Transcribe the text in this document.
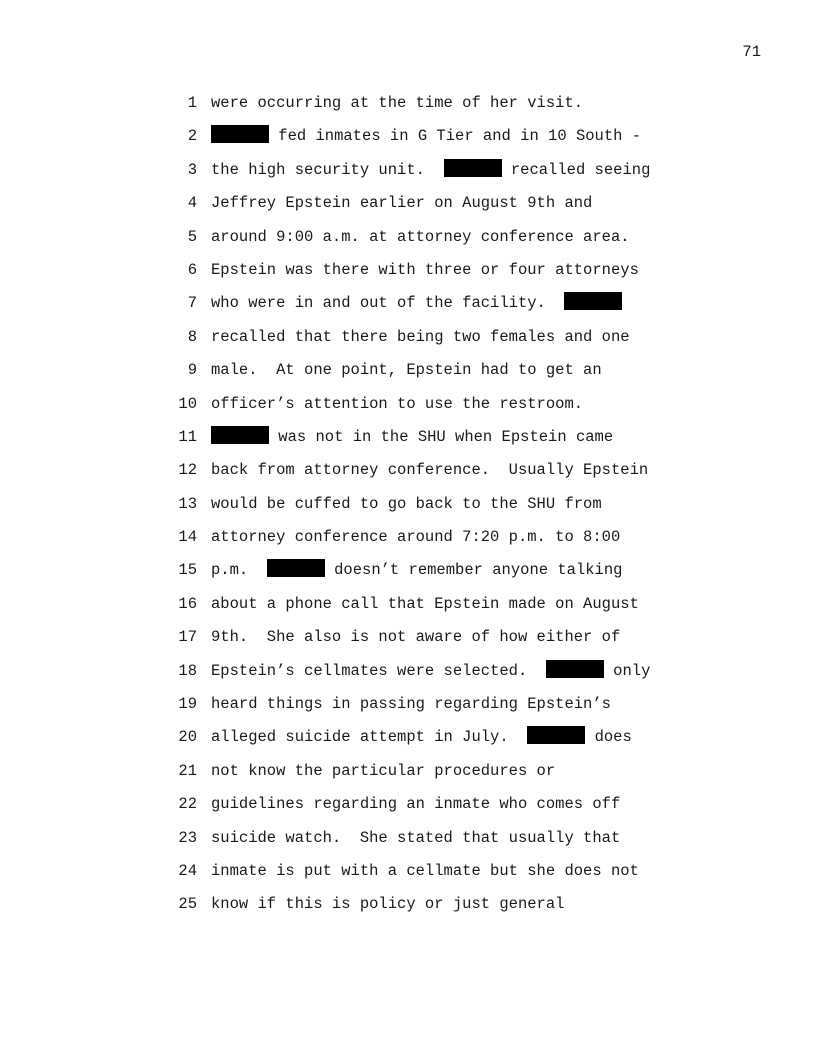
71
1 were occurring at the time of her visit.
2	fed inmates in G Tier and in 10 South -
3 the high security unit.	recalled seeing
4 Jeffrey Epstein earlier on August 9th and
5 around 9:00 a.m. at attorney conference area.
6 Epstein was there with three or four attorneys
7 who were in and out of the facility.
8 recalled that there being two females and one
9 male.  At one point, Epstein had to get an
10 officer’s attention to use the restroom.
11	was not in the SHU when Epstein came
12 back from attorney conference.  Usually Epstein
13 would be cuffed to go back to the SHU from
14 attorney conference around 7:20 p.m. to 8:00
15 p.m.	doesn’t remember anyone talking
16 about a phone call that Epstein made on August
17 9th.  She also is not aware of how either of
18 Epstein’s cellmates were selected.	only
19 heard things in passing regarding Epstein’s
20 alleged suicide attempt in July.	does
21 not know the particular procedures or
22 guidelines regarding an inmate who comes off
23 suicide watch.  She stated that usually that
24 inmate is put with a cellmate but she does not
25 know if this is policy or just general
